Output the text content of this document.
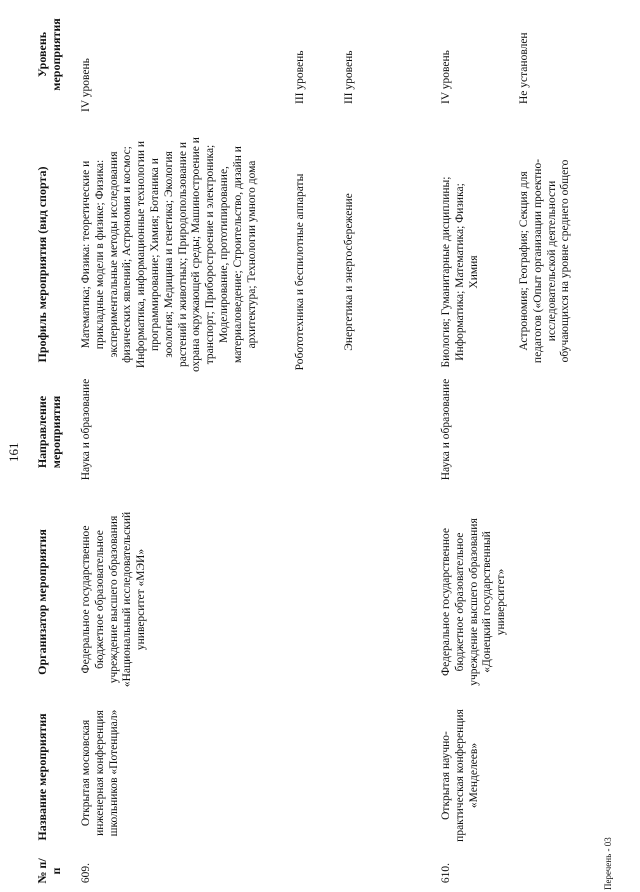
161
№ п/п
Название мероприятия
Организатор мероприятия
Направление мероприятия
Профиль мероприятия (вид спорта)
Уровень мероприятия
609.
Открытая московская инженерная конференция школьников «Потенциал»
Федеральное государственное бюджетное образовательное учреждение высшего образования «Национальный исследовательский университет «МЭИ»
Наука и образование
Математика; Физика: теоретические и прикладные модели в физике; Физика: экспериментальные методы исследования физических явлений; Астрономия и космос; Информатика, информационные технологии и программирование; Химия; Ботаника и зоология; Медицина и генетика; Экология растений и животных; Природопользование и охрана окружающей среды; Машиностроение и транспорт; Приборостроение и электроника; Моделирование, прототипирование, материаловедение; Строительство, дизайн и архитектура; Технологии умного дома
IV уровень
Робототехника и беспилотные аппараты
III уровень
Энергетика и энергосбережение
III уровень
610.
Открытая научно-практическая конференция «Менделеев»
Федеральное государственное бюджетное образовательное учреждение высшего образования «Донецкий государственный университет»
Наука и образование
Биология; Гуманитарные дисциплины; Информатика; Математика; Физика; Химия
IV уровень
Астрономия; География; Секция для педагогов («Опыт организации проектно-исследовательской деятельности обучающихся на уровне среднего общего
Не установлен
Перечень - 03
